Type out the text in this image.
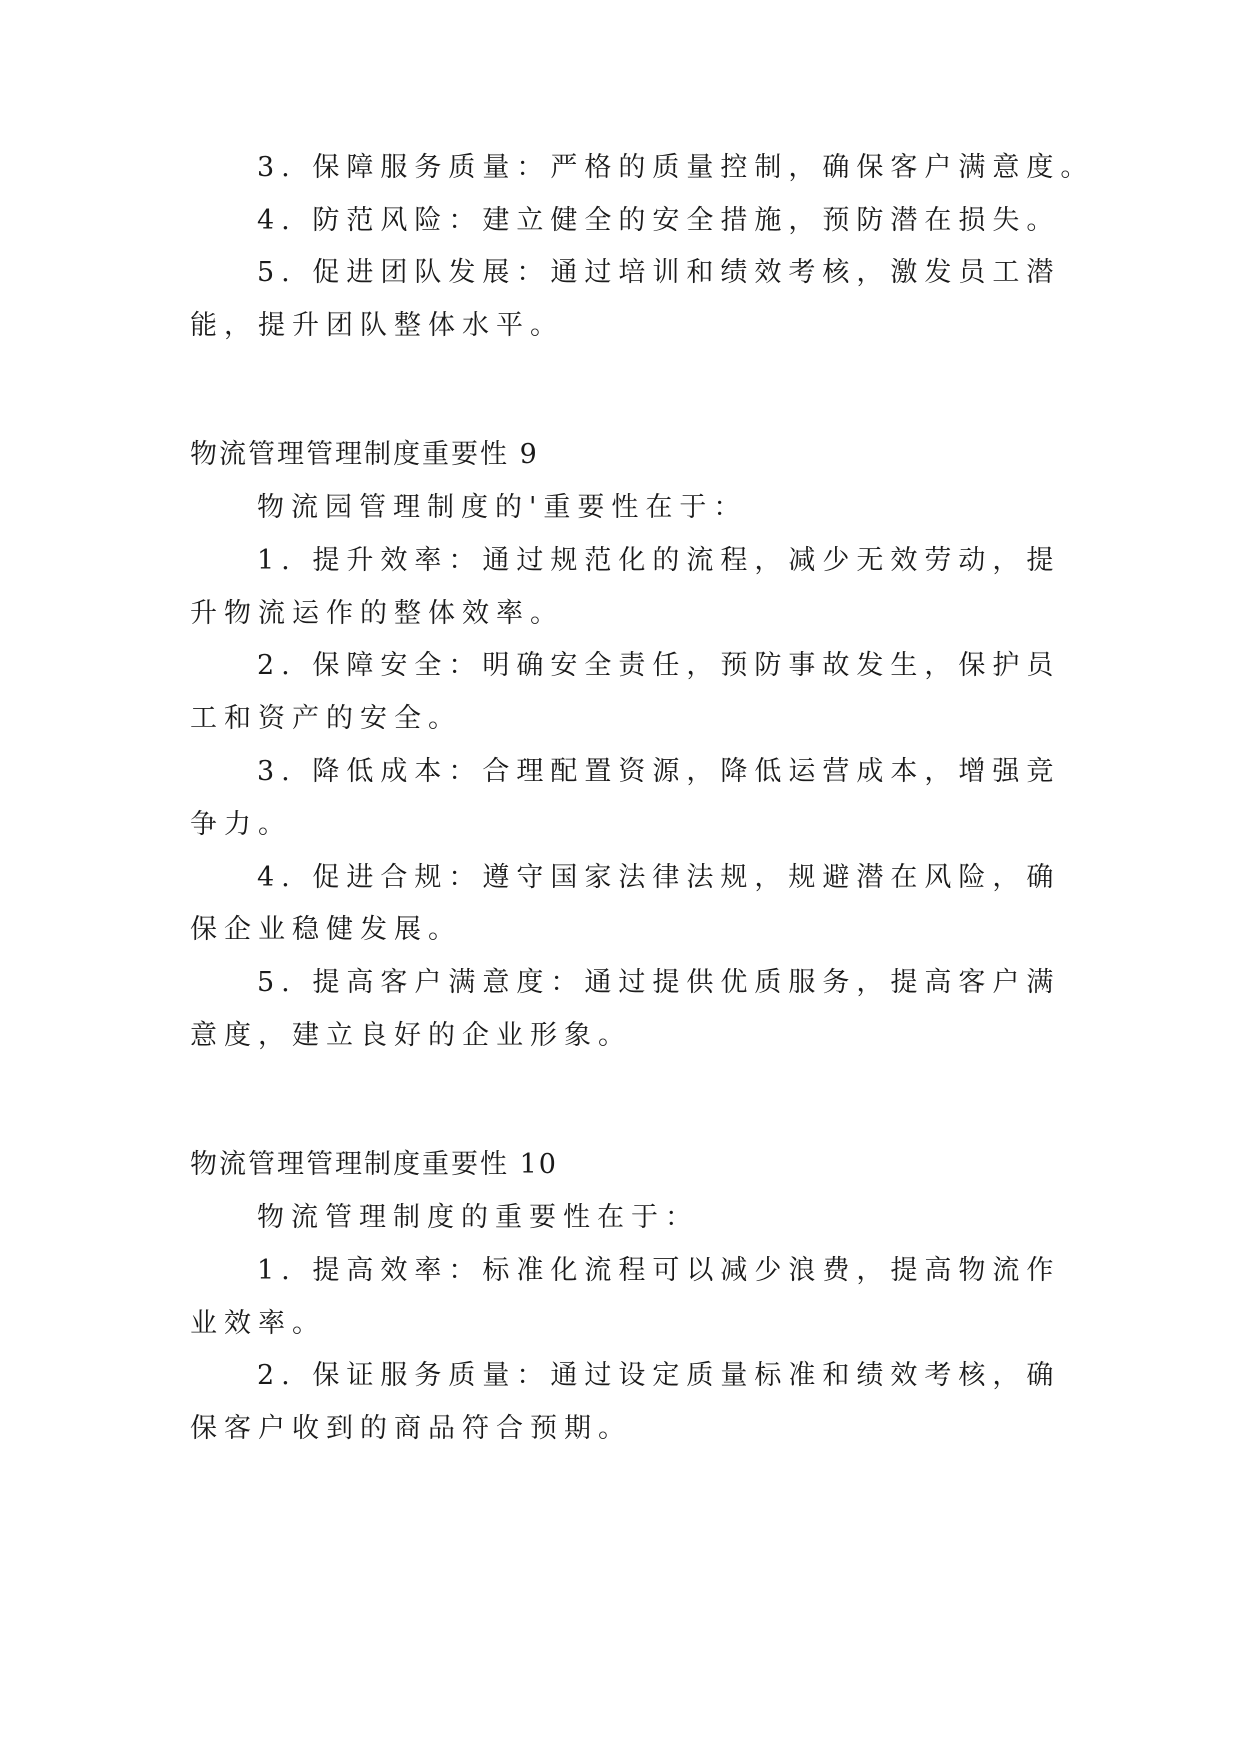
3. 保障服务质量：严格的质量控制，确保客户满意度。
4. 防范风险：建立健全的安全措施，预防潜在损失。
5. 促进团队发展：通过培训和绩效考核，激发员工潜
能，提升团队整体水平。
物流管理管理制度重要性 9
物流园管理制度的'重要性在于：
1. 提升效率：通过规范化的流程，减少无效劳动，提
升物流运作的整体效率。
2. 保障安全：明确安全责任，预防事故发生，保护员
工和资产的安全。
3. 降低成本：合理配置资源，降低运营成本，增强竞
争力。
4. 促进合规：遵守国家法律法规，规避潜在风险，确
保企业稳健发展。
5. 提高客户满意度：通过提供优质服务，提高客户满
意度，建立良好的企业形象。
物流管理管理制度重要性 10
物流管理制度的重要性在于：
1. 提高效率：标准化流程可以减少浪费，提高物流作
业效率。
2. 保证服务质量：通过设定质量标准和绩效考核，确
保客户收到的商品符合预期。
